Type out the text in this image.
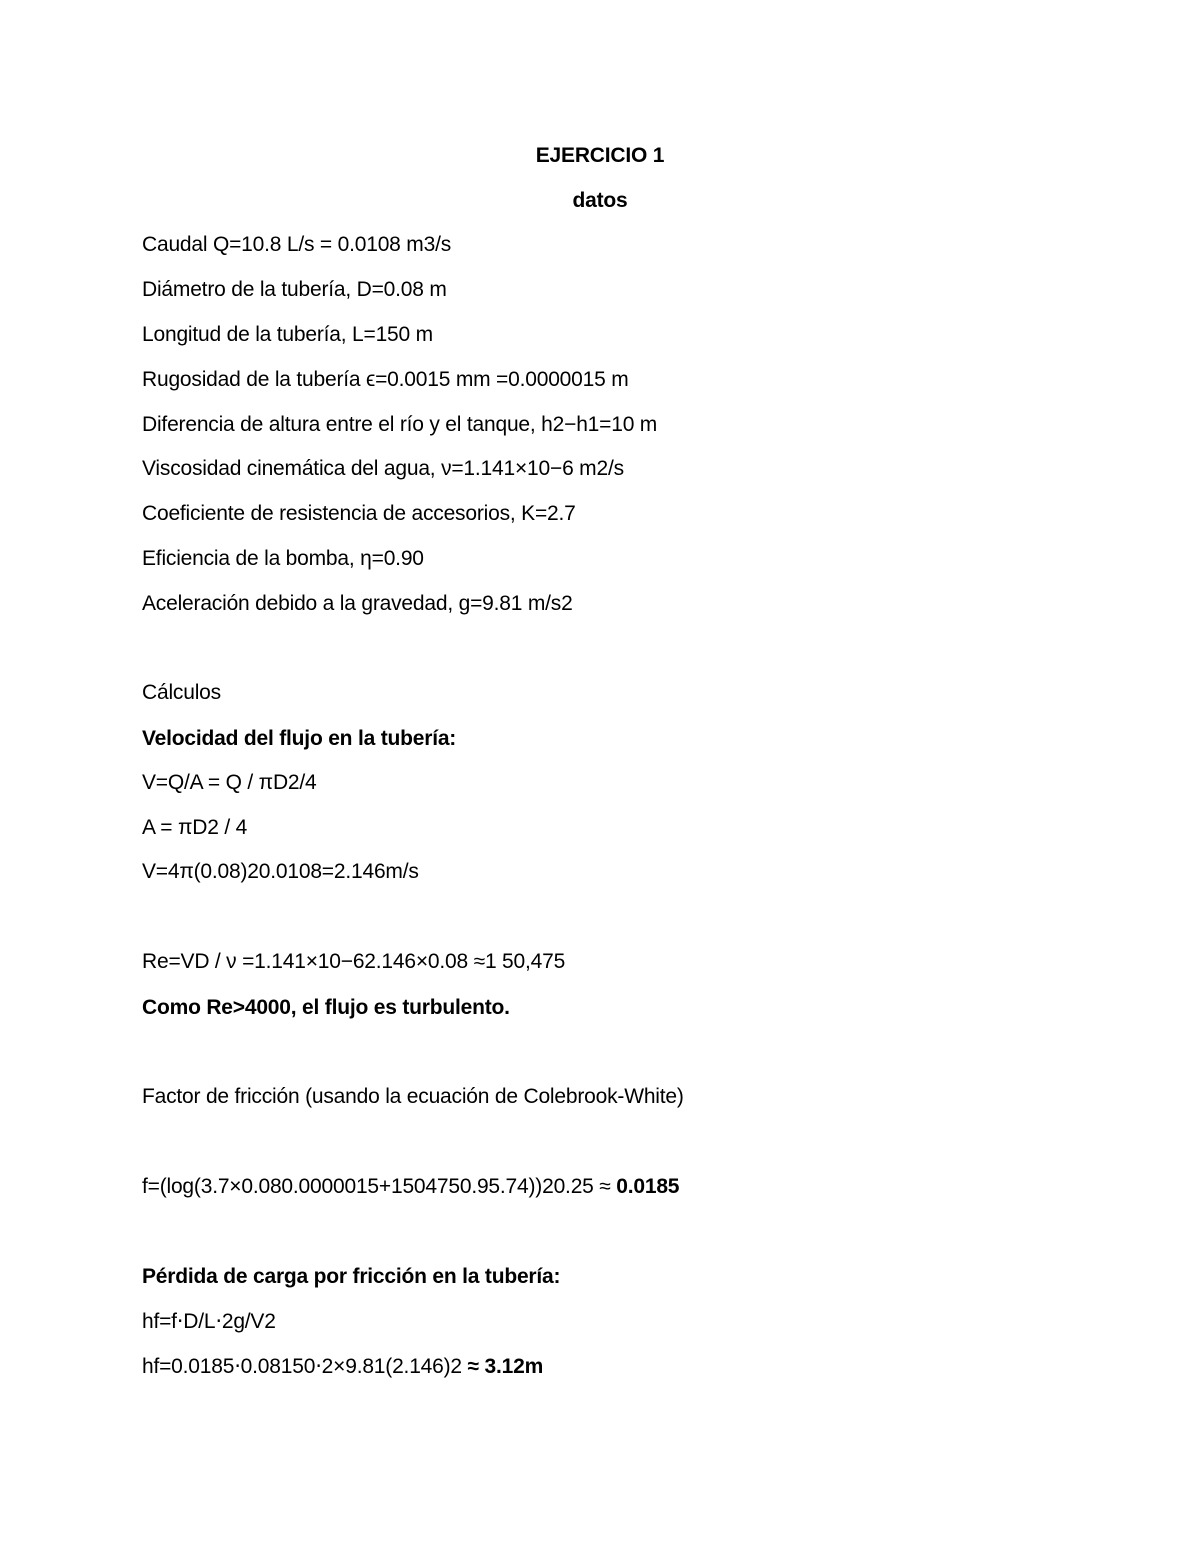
EJERCICIO 1
datos
Caudal Q=10.8 L/s = 0.0108 m3/s
Diámetro de la tubería, D=0.08 m
Longitud de la tubería, L=150 m
Rugosidad de la tubería ϵ=0.0015 mm =0.0000015 m
Diferencia de altura entre el río y el tanque, h2−h1=10 m
Viscosidad cinemática del agua, ν=1.141×10−6 m2/s
Coeficiente de resistencia de accesorios, K=2.7
Eficiencia de la bomba, η=0.90
Aceleración debido a la gravedad, g=9.81 m/s2
Cálculos
Velocidad del flujo en la tubería:
V=Q/A = Q / πD2/4
A = πD2 / 4
V=4π(0.08)20.0108=2.146m/s
Re=VD / ν =1.141×10−62.146×0.08 ≈1 50,475
Como Re>4000, el flujo es turbulento.
Factor de fricción (usando la ecuación de Colebrook-White)
f=(log(3.7×0.080.0000015+1504750.95.74))20.25 ≈ 0.0185
Pérdida de carga por fricción en la tubería:
hf=f⋅D/L⋅2g/V2
hf=0.0185⋅0.08150⋅2×9.81(2.146)2 ≈ 3.12m
